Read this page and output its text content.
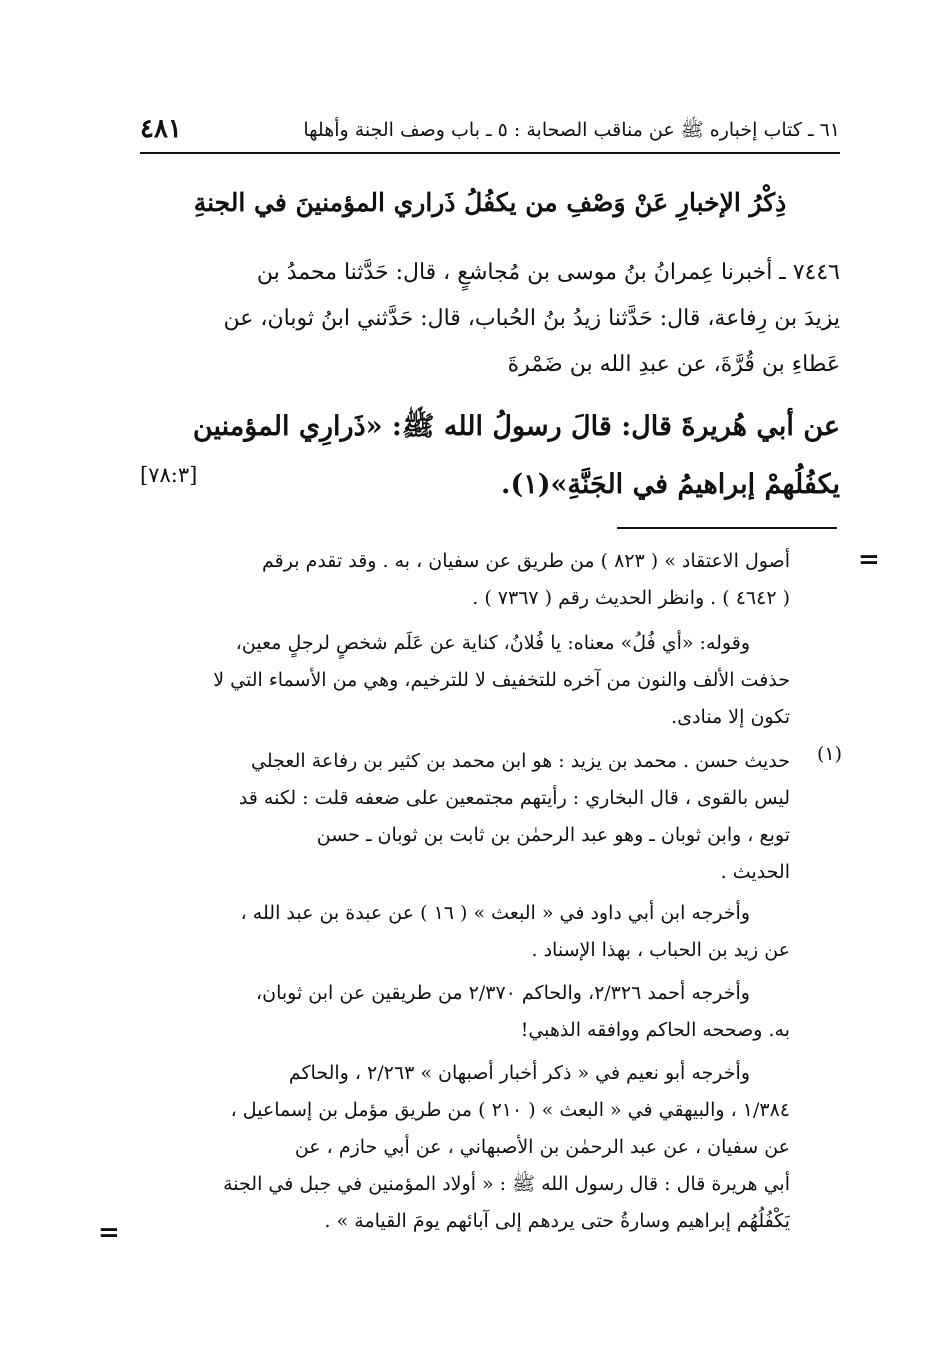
٦١ ـ كتاب إخباره ﷺ عن مناقب الصحابة : ٥ ـ باب وصف الجنة وأهلها
٤٨١
ذِكْرُ الإخبارِ عَنْ وَصْفِ من يكفُلُ ذَراري المؤمنينَ في الجنةِ
٧٤٤٦ ـ أخبرنا عِمرانُ بنُ موسى بن مُجاشعٍ ، قال: حَدَّثنا محمدُ بن
يزيدَ بن رِفاعة، قال: حَدَّثنا زيدُ بنُ الحُباب، قال: حَدَّثني ابنُ ثوبان، عن
عَطاءِ بن قُرَّةَ، عن عبدِ الله بن ضَمْرةَ
عن أبي هُريرةَ قال: قالَ رسولُ الله ﷺ: «ذَرارِي المؤمنين
يكفُلُهمْ إبراهيمُ في الجَنَّةِ»(١).
[٧٨:٣]
=
أصول الاعتقاد » ( ٨٢٣ ) من طريق عن سفيان ، به . وقد تقدم برقم
( ٤٦٤٢ ) . وانظر الحديث رقم ( ٧٣٦٧ ) .
وقوله: «أي فُلُ» معناه: يا فُلانُ، كناية عن عَلَم شخصٍ لرجلٍ معين،
حذفت الألف والنون من آخره للتخفيف لا للترخيم، وهي من الأسماء التي لا
تكون إلا منادى.
(١)
حديث حسن . محمد بن يزيد : هو ابن محمد بن كثير بن رفاعة العجلي
ليس بالقوى ، قال البخاري : رأيتهم مجتمعين على ضعفه قلت : لكنه قد
توبع ، وابن ثوبان ـ وهو عبد الرحمٰن بن ثابت بن ثوبان ـ حسن
الحديث .
وأخرجه ابن أبي داود في « البعث » ( ١٦ ) عن عبدة بن عبد الله ،
عن زيد بن الحباب ، بهذا الإسناد .
وأخرجه أحمد ٢/٣٢٦، والحاكم ٢/٣٧٠ من طريقين عن ابن ثوبان،
به. وصححه الحاكم ووافقه الذهبي!
وأخرجه أبو نعيم في « ذكر أخبار أصبهان » ٢/٢٦٣ ، والحاكم
١/٣٨٤ ، والبيهقي في « البعث » ( ٢١٠ ) من طريق مؤمل بن إسماعيل ،
عن سفيان ، عن عبد الرحمٰن بن الأصبهاني ، عن أبي حازم ، عن
أبي هريرة قال : قال رسول الله ﷺ : « أولاد المؤمنين في جبل في الجنة
يَكْفُلُهُم إبراهيم وسارةُ حتى يردهم إلى آبائهم يومَ القيامة » .
=
